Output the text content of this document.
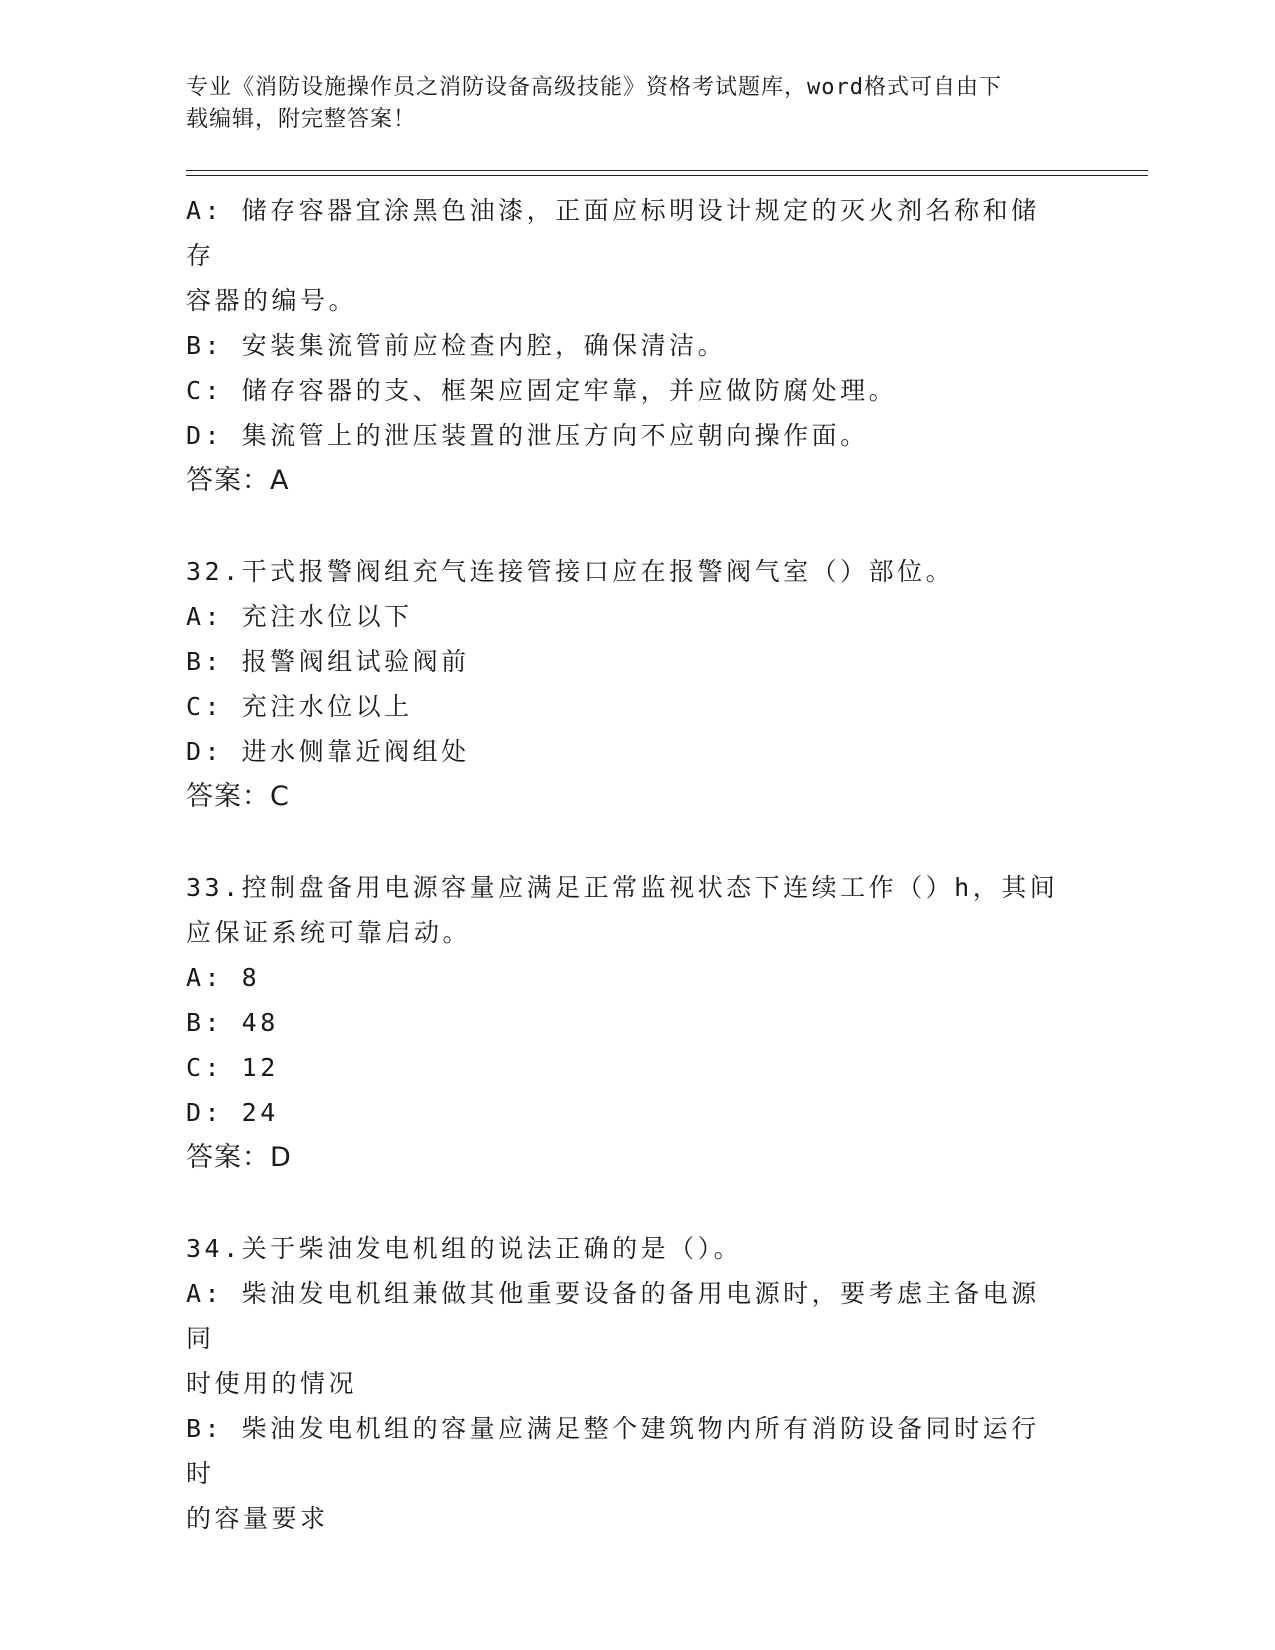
专业《消防设施操作员之消防设备高级技能》资格考试题库，word格式可自由下
载编辑，附完整答案！
A: 储存容器宜涂黑色油漆，正面应标明设计规定的灭火剂名称和储存
容器的编号。
B: 安装集流管前应检查内腔，确保清洁。
C: 储存容器的支、框架应固定牢靠，并应做防腐处理。
D: 集流管上的泄压装置的泄压方向不应朝向操作面。
答案：A
32.干式报警阀组充气连接管接口应在报警阀气室（）部位。
A: 充注水位以下
B: 报警阀组试验阀前
C: 充注水位以上
D: 进水侧靠近阀组处
答案：C
33.控制盘备用电源容量应满足正常监视状态下连续工作（）h，其间
应保证系统可靠启动。
A: 8
B: 48
C: 12
D: 24
答案：D
34.关于柴油发电机组的说法正确的是（）。
A: 柴油发电机组兼做其他重要设备的备用电源时，要考虑主备电源同
时使用的情况
B: 柴油发电机组的容量应满足整个建筑物内所有消防设备同时运行时
的容量要求
